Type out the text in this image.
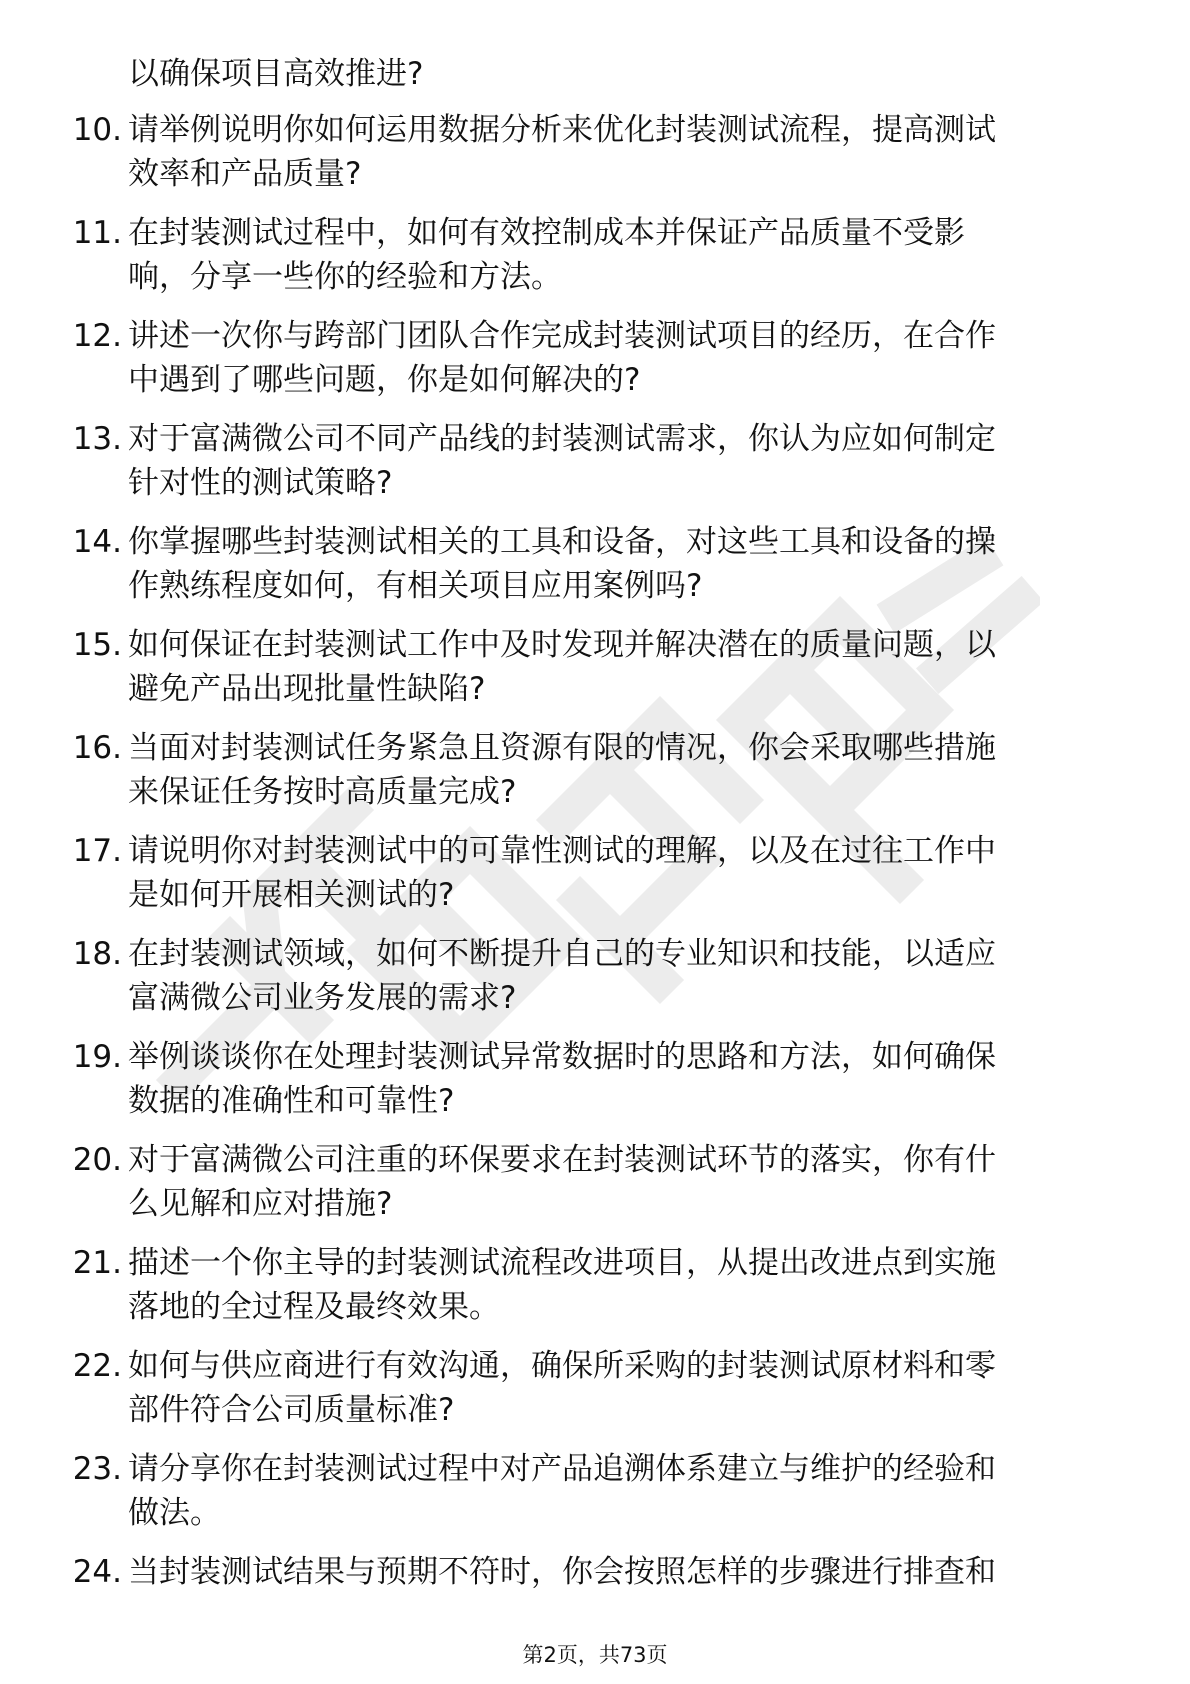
以确保项目高效推进?

10. 请举例说明你如何运用数据分析来优化封装测试流程，提高测试
效率和产品质量?
11. 在封装测试过程中，如何有效控制成本并保证产品质量不受影
响，分享一些你的经验和方法。
12. 讲述一次你与跨部门团队合作完成封装测试项目的经历，在合作
中遇到了哪些问题，你是如何解决的?
13. 对于富满微公司不同产品线的封装测试需求，你认为应如何制定
针对性的测试策略?
14. 你掌握哪些封装测试相关的工具和设备，对这些工具和设备的操
作熟练程度如何，有相关项目应用案例吗?
15. 如何保证在封装测试工作中及时发现并解决潜在的质量问题，以
避免产品出现批量性缺陷?
16. 当面对封装测试任务紧急且资源有限的情况，你会采取哪些措施
来保证任务按时高质量完成?
17. 请说明你对封装测试中的可靠性测试的理解，以及在过往工作中
是如何开展相关测试的?
18. 在封装测试领域，如何不断提升自己的专业知识和技能，以适应
富满微公司业务发展的需求?
19. 举例谈谈你在处理封装测试异常数据时的思路和方法，如何确保
数据的准确性和可靠性?
20. 对于富满微公司注重的环保要求在封装测试环节的落实，你有什
么见解和应对措施?
21. 描述一个你主导的封装测试流程改进项目，从提出改进点到实施
落地的全过程及最终效果。
22. 如何与供应商进行有效沟通，确保所采购的封装测试原材料和零
部件符合公司质量标准?
23. 请分享你在封装测试过程中对产品追溯体系建立与维护的经验和
做法。
24. 当封装测试结果与预期不符时，你会按照怎样的步骤进行排查和
第2页，共73页
